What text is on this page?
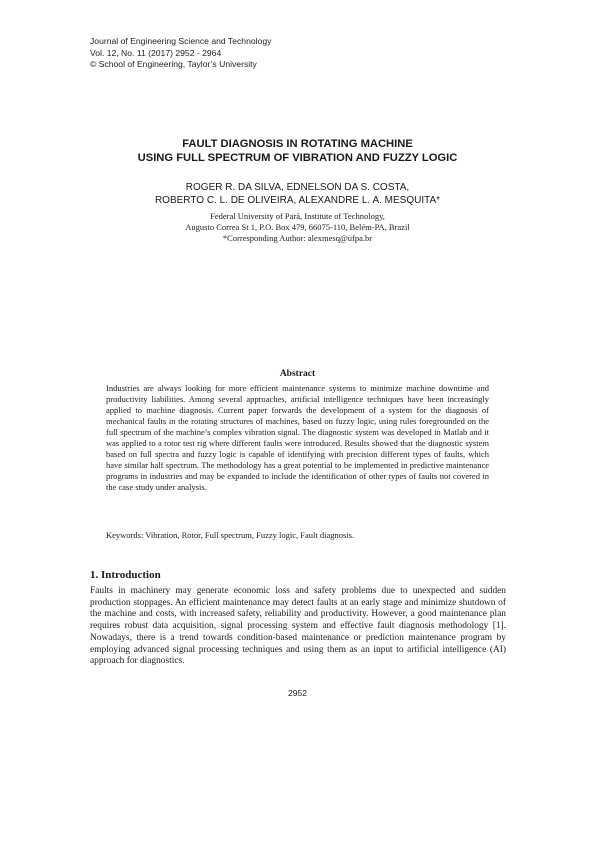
Journal of Engineering Science and Technology
Vol. 12, No. 11 (2017) 2952 - 2964
© School of Engineering, Taylor’s University
FAULT DIAGNOSIS IN ROTATING MACHINE
USING FULL SPECTRUM OF VIBRATION AND FUZZY LOGIC
ROGER R. DA SILVA, EDNELSON DA S. COSTA,
ROBERTO C. L. DE OLIVEIRA, ALEXANDRE L. A. MESQUITA*
Federal University of Pará, Institute of Technology,
Augusto Correa St 1, P.O. Box 479, 66075-110, Belém-PA, Brazil
*Corresponding Author: alexmesq@ufpa.br
Abstract

Industries are always looking for more efficient maintenance systems to minimize machine downtime and productivity liabilities. Among several approaches, artificial intelligence techniques have been increasingly applied to machine diagnosis. Current paper forwards the development of a system for the diagnosis of mechanical faults in the rotating structures of machines, based on fuzzy logic, using rules foregrounded on the full spectrum of the machine’s complex vibration signal. The diagnostic system was developed in Matlab and it was applied to a rotor test rig where different faults were introduced. Results showed that the diagnostic system based on full spectra and fuzzy logic is capable of identifying with precision different types of faults, which have similar half spectrum. The methodology has a great potential to be implemented in predictive maintenance programs in industries and may be expanded to include the identification of other types of faults not covered in the case study under analysis.

Keywords: Vibration, Rotor, Full spectrum, Fuzzy logic, Fault diagnosis.

1. Introduction

Faults in machinery may generate economic loss and safety problems due to unexpected and sudden production stoppages. An efficient maintenance may detect faults at an early stage and minimize shutdown of the machine and costs, with increased safety, reliability and productivity. However, a good maintenance plan requires robust data acquisition, signal processing system and effective fault diagnosis methodology [1]. Nowadays, there is a trend towards condition-based maintenance or prediction maintenance program by employing advanced signal processing techniques and using them as an input to artificial intelligence (AI) approach for diagnostics.

2952
